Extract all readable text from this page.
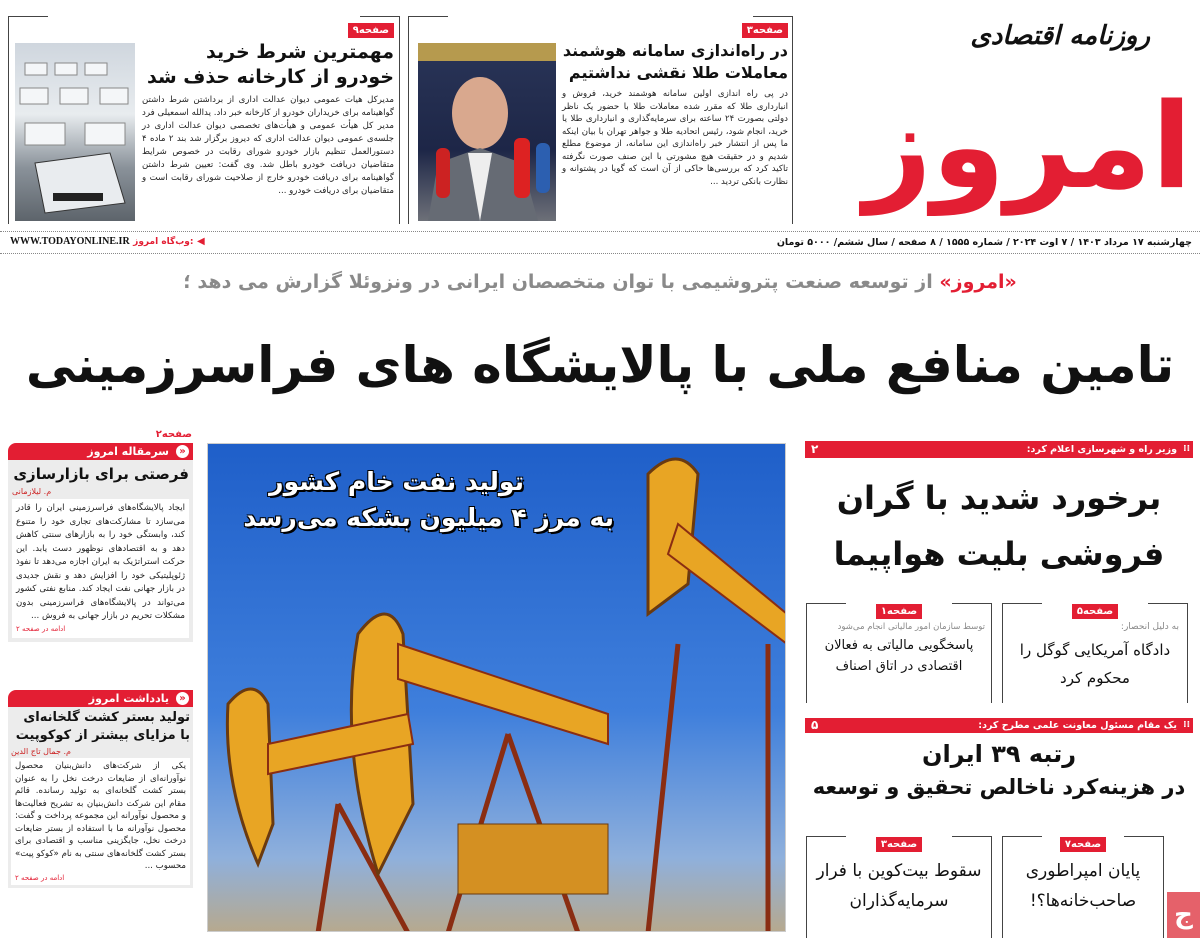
روزنامه اقتصادی
امروز
چهارشنبه ۱۷ مرداد ۱۴۰۳ / ۷ اوت ۲۰۲۴ / شماره ۱۵۵۵ / ۸ صفحه / سال ششم/ ۵۰۰۰ تومان
WWW.TODAYONLINE.IR وب‌گاه امروز: ◀
صفحه۹
مهمترین شرط خرید خودرو از کارخانه حذف شد
مدیرکل هیات عمومی دیوان عدالت اداری از برداشتن شرط داشتن گواهینامه برای خریداران خودرو از کارخانه خبر داد. یدالله اسمعیلی فرد مدیر کل هیأت عمومی و هیأت‌های تخصصی دیوان عدالت اداری در جلسه‌ی عمومی دیوان عدالت اداری که دیروز برگزار شد بند ۲ ماده ۴ دستورالعمل تنظیم بازار خودرو شورای رقابت در خصوص شرایط متقاضیان دریافت خودرو باطل شد. وی گفت: تعیین شرط داشتن گواهینامه برای دریافت خودرو خارج از صلاحیت شورای رقابت است و متقاضیان برای دریافت خودرو ...
صفحه۳
در راه‌اندازی سامانه هوشمند معاملات طلا نقشی نداشتیم
در پی راه اندازی اولین سامانه هوشمند خرید، فروش و انبارداری طلا که مقرر شده معاملات طلا با حضور یک ناظر دولتی بصورت ۲۴ ساعته برای سرمایه‌گذاری و انبارداری طلا یا خرید، انجام شود، رئیس اتحادیه طلا و جواهر تهران با بیان اینکه ما پس از انتشار خبر راه‌اندازی این سامانه، از موضوع مطلع شدیم و در حقیقت هیچ مشورتی با این صنف صورت نگرفته تاکید کرد که بررسی‌ها حاکی از آن است که گویا در پشتوانه و نظارت بانکی تردید ...
«امروز» از توسعه صنعت پتروشیمی با توان متخصصان ایرانی در ونزوئلا گزارش می دهد ؛
تامین منافع ملی با پالایشگاه های فراسرزمینی
صفحه۲
سرمقاله امروز	«
فرصتی برای بازارسازی
م. لیلازمانی
ایجاد پالایشگاه‌های فراسرزمینی ایران را قادر می‌سازد تا مشارکت‌های تجاری خود را متنوع کند، وابستگی خود را به بازارهای سنتی کاهش دهد و به اقتصادهای نوظهور دست یابد. این حرکت استراتژیک به ایران اجازه می‌دهد تا نفوذ ژئوپلیتیکی خود را افزایش دهد و نقش جدیدی در بازار جهانی نفت ایجاد کند. منابع نفتی کشور می‌تواند در پالایشگاه‌های فراسرزمینی بدون مشکلات تحریم در بازار جهانی به فروش ...
ادامه در صفحه ۲
یادداشت امروز	«
تولید بستر کشت گلخانه‌ای با مزایای بیشتر از کوکوپیت
م. جمال تاج الدین
یکی از شرکت‌های دانش‌بنیان محصول نوآورانه‌ای از ضایعات درخت نخل را به عنوان بستر کشت گلخانه‌ای به تولید رسانده. قائم مقام این شرکت دانش‌بنیان به تشریح فعالیت‌ها و محصول نوآورانه این مجموعه پرداخت و گفت: محصول نوآورانه ما با استفاده از بستر ضایعات درخت نخل، جایگزینی مناسب و اقتصادی برای بستر کشت گلخانه‌های سنتی به نام «کوکو پیت» محسوب ...
ادامه در صفحه ۲
تولید نفت خام کشور
به مرز ۴ میلیون بشکه می‌رسد
⁞⁞
وزیر راه و شهرسازی اعلام کرد:
۲
برخورد شدید با گران فروشی بلیت هواپیما
صفحه۵
به دلیل انحصار:
دادگاه آمریکایی گوگل را محکوم کرد
صفحه۱
توسط سازمان امور مالیاتی انجام می‌شود
پاسخگویی مالیاتی به فعالان اقتصادی در اتاق اصناف
⁞⁞
یک مقام مسئول معاونت علمی مطرح کرد:
۵
رتبه ۳۹ ایران
در هزینه‌کرد ناخالص تحقیق و توسعه
صفحه۷
پایان امپراطوری صاحب‌خانه‌ها؟!
صفحه۳
سقوط بیت‌کوین با فرار سرمایه‌گذاران	ج
